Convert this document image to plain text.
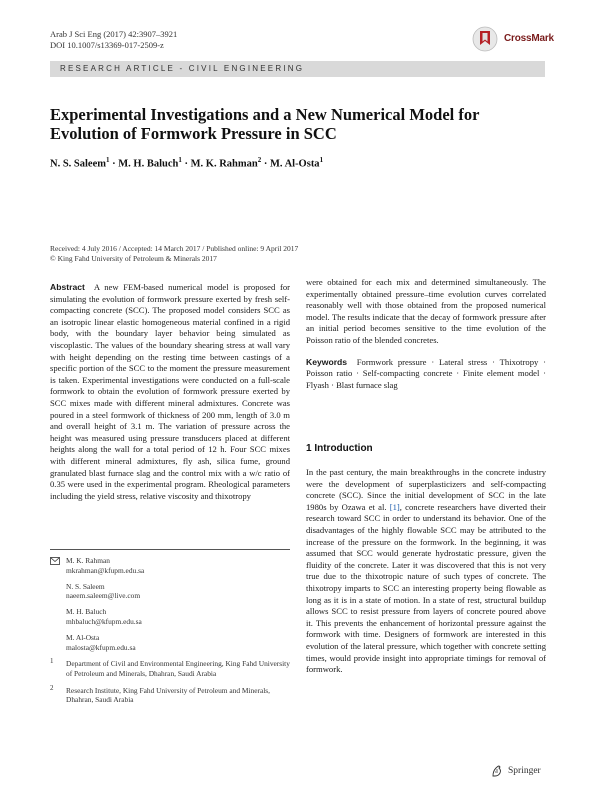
Arab J Sci Eng (2017) 42:3907–3921
DOI 10.1007/s13369-017-2509-z
CrossMark
RESEARCH ARTICLE - CIVIL ENGINEERING
Experimental Investigations and a New Numerical Model for Evolution of Formwork Pressure in SCC
N. S. Saleem$^1$ · M. H. Baluch$^1$ · M. K. Rahman$^2$ · M. Al-Osta$^1$
Received: 4 July 2016 / Accepted: 14 March 2017 / Published online: 9 April 2017
© King Fahd University of Petroleum & Minerals 2017

Abstract A new FEM-based numerical model is proposed for simulating the evolution of formwork pressure exerted by fresh self-compacting concrete (SCC). The proposed model considers SCC as an isotropic linear elastic homogeneous material confined in a rigid body, with the boundary layer behavior being simulated as viscoplastic. The values of the boundary shearing stress at wall vary with height depending on the resting time between castings of a specific portion of the SCC to the moment the pressure measurement is taken. Experimental investigations were conducted on a full-scale formwork to obtain the evolution of formwork pressure exerted by SCC mixes made with different mineral admixtures. Concrete was poured in a steel formwork of thickness of 200 mm, length of 3.0 m and overall height of 3.1 m. The variation of pressure across the height was measured using pressure transducers placed at different heights along the wall for a total period of 12 h. Four SCC mixes with different mineral admixtures, fly ash, silica fume, ground granulated blast furnace slag and the control mix with a w/c ratio of 0.35 were used in the experimental program. Rheological parameters including the yield stress, relative viscosity and thixotropy

were obtained for each mix and determined simultaneously. The experimentally obtained pressure–time evolution curves correlated reasonably well with those obtained from the proposed numerical model. The results indicate that the decay of formwork pressure after an initial period becomes sensitive to the time evolution of the Poisson ratio of the blended concretes.

Keywords Formwork pressure · Lateral stress · Thixotropy · Poisson ratio · Self-compacting concrete · Finite element model · Flyash · Blast furnace slag

1 Introduction

In the past century, the main breakthroughs in the concrete industry were the development of superplasticizers and self-compacting concrete (SCC). Since the initial development of SCC in the late 1980s by Ozawa et al. [1], concrete researchers have diverted their research toward SCC in order to understand its behavior. One of the disadvantages of the highly flowable SCC may be attributed to the increase of the pressure on the formwork. In the beginning, it was assumed that SCC would generate hydrostatic pressure, given the fluidity of the concrete. Later it was discovered that this is not very true due to the thixotropic nature of such types of concrete. The thixotropy imparts to SCC an interesting property being flowable as long as it is in a state of motion. In a state of rest, structural buildup allows SCC to resist pressure from layers of concrete poured above it. This prevents the enhancement of horizontal pressure against the formwork with time. Designers of formwork are interested in this evolution of the lateral pressure, which together with concrete setting times, would provide insight into appropriate timings for removal of formwork.

M. K. Rahman
mkrahman@kfupm.edu.sa
N. S. Saleem
naeem.saleem@live.com
M. H. Baluch
mhbaluch@kfupm.edu.sa
M. Al-Osta
malosta@kfupm.edu.sa
1 Department of Civil and Environmental Engineering, King Fahd University of Petroleum and Minerals, Dhahran, Saudi Arabia
2 Research Institute, King Fahd University of Petroleum and Minerals, Dhahran, Saudi Arabia
Springer
